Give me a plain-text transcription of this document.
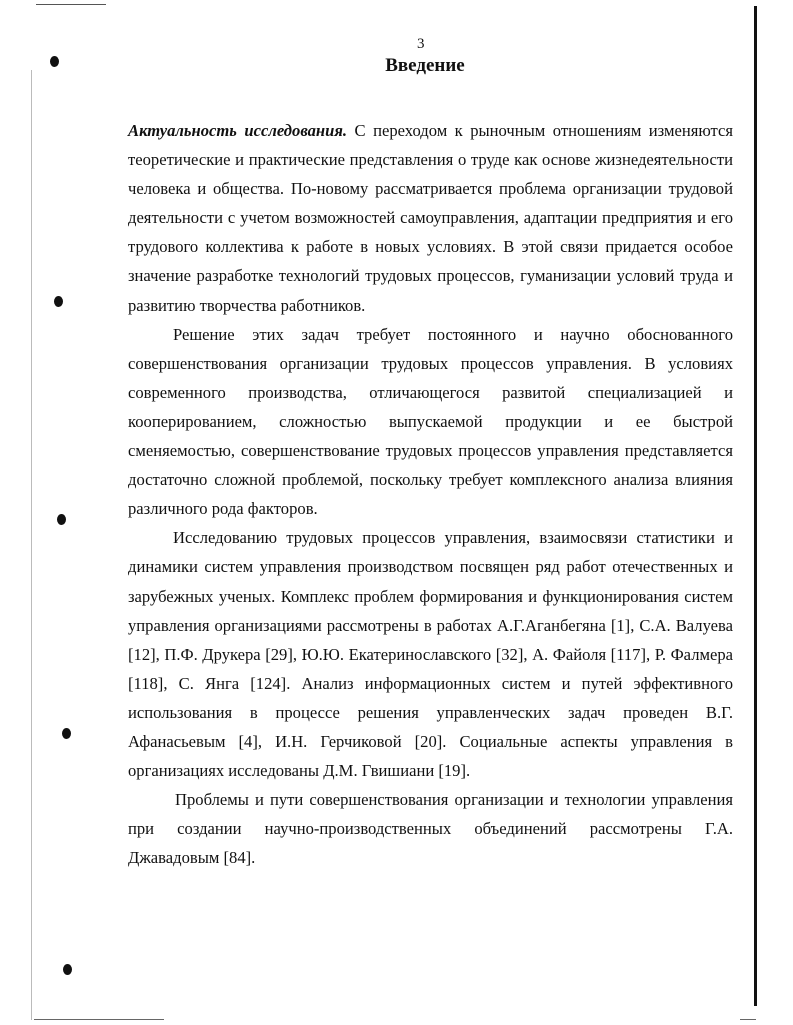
3
Введение

Актуальность исследования. С переходом к рыночным отношениям изменяются теоретические и практические представления о труде как основе жизнедеятельности человека и общества. По-новому рассматривается проблема организации трудовой деятельности с учетом возможностей самоуправления, адаптации предприятия и его трудового коллектива к работе в новых условиях. В этой связи придается особое значение разработке технологий трудовых процессов, гуманизации условий труда и развитию творчества работников.

Решение этих задач требует постоянного и научно обоснованного совершенствования организации трудовых процессов управления. В условиях современного производства, отличающегося развитой специализацией и кооперированием, сложностью выпускаемой продукции и ее быстрой сменяемостью, совершенствование трудовых процессов управления представляется достаточно сложной проблемой, поскольку требует комплексного анализа влияния различного рода факторов.

Исследованию трудовых процессов управления, взаимосвязи статистики и динамики систем управления производством посвящен ряд работ отечественных и зарубежных ученых. Комплекс проблем формирования и функционирования систем управления организациями рассмотрены в работах А.Г.Аганбегяна [1], С.А. Валуева [12], П.Ф. Друкера [29], Ю.Ю. Екатеринославского [32], А. Файоля [117], Р. Фалмера [118], С. Янга [124]. Анализ информационных систем и путей эффективного использования в процессе решения управленческих задач проведен В.Г. Афанасьевым [4], И.Н. Герчиковой [20]. Социальные аспекты управления в организациях исследованы Д.М. Гвишиани [19].

Проблемы и пути совершенствования организации и технологии управления при создании научно-производственных объединений рассмотрены Г.А. Джавадовым [84].
